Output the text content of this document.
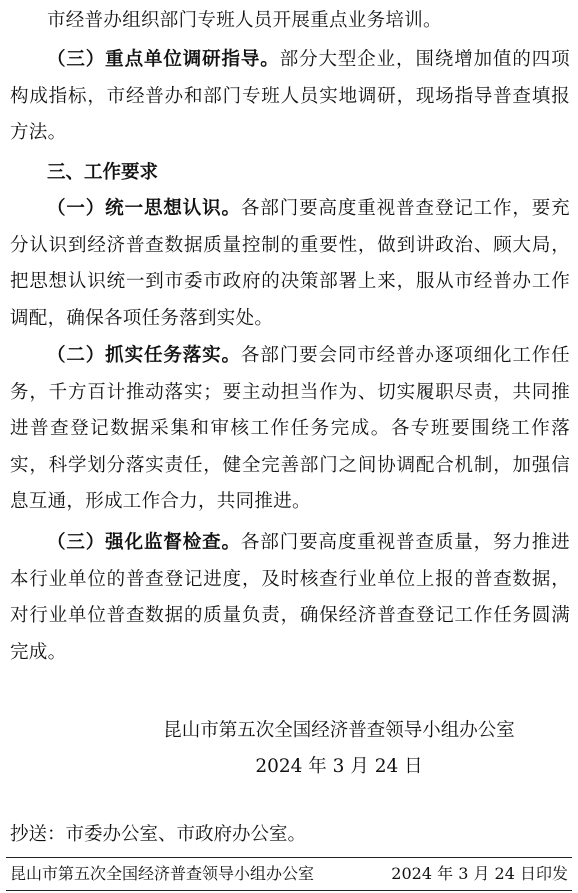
市经普办组织部门专班人员开展重点业务培训。

（三）重点单位调研指导。部分大型企业，围绕增加值的四项构成指标，市经普办和部门专班人员实地调研，现场指导普查填报方法。

三、工作要求

（一）统一思想认识。各部门要高度重视普查登记工作，要充分认识到经济普查数据质量控制的重要性，做到讲政治、顾大局，把思想认识统一到市委市政府的决策部署上来，服从市经普办工作调配，确保各项任务落到实处。

（二）抓实任务落实。各部门要会同市经普办逐项细化工作任务，千方百计推动落实；要主动担当作为、切实履职尽责，共同推进普查登记数据采集和审核工作任务完成。各专班要围绕工作落实，科学划分落实责任，健全完善部门之间协调配合机制，加强信息互通，形成工作合力，共同推进。

（三）强化监督检查。各部门要高度重视普查质量，努力推进本行业单位的普查登记进度，及时核查行业单位上报的普查数据，对行业单位普查数据的质量负责，确保经济普查登记工作任务圆满完成。

昆山市第五次全国经济普查领导小组办公室
2024 年 3 月 24 日
抄送：市委办公室、市政府办公室。
昆山市第五次全国经济普查领导小组办公室	2024 年 3 月 24 日印发
